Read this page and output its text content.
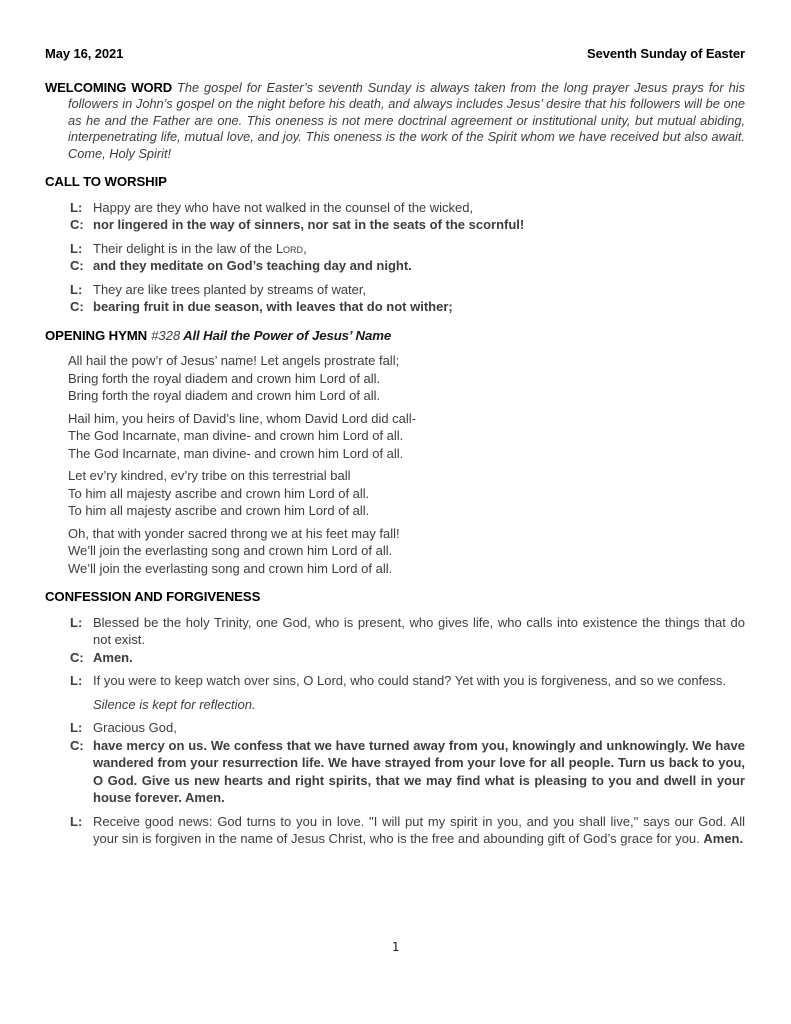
May 16, 2021	Seventh Sunday of Easter

WELCOMING WORD The gospel for Easter’s seventh Sunday is always taken from the long prayer Jesus prays for his followers in John’s gospel on the night before his death, and always includes Jesus’ desire that his followers will be one as he and the Father are one. This oneness is not mere doctrinal agreement or institutional unity, but mutual abiding, interpenetrating life, mutual love, and joy. This oneness is the work of the Spirit whom we have received but also await. Come, Holy Spirit!

CALL TO WORSHIP
L: Happy are they who have not walked in the counsel of the wicked,
C: nor lingered in the way of sinners, nor sat in the seats of the scornful!
L: Their delight is in the law of the Lord,
C: and they meditate on God’s teaching day and night.
L: They are like trees planted by streams of water,
C: bearing fruit in due season, with leaves that do not wither;
OPENING HYMN #328 All Hail the Power of Jesus’ Name
All hail the pow’r of Jesus’ name! Let angels prostrate fall;
Bring forth the royal diadem and crown him Lord of all.
Bring forth the royal diadem and crown him Lord of all.
Hail him, you heirs of David’s line, whom David Lord did call-
The God Incarnate, man divine- and crown him Lord of all.
The God Incarnate, man divine- and crown him Lord of all.
Let ev’ry kindred, ev’ry tribe on this terrestrial ball
To him all majesty ascribe and crown him Lord of all.
To him all majesty ascribe and crown him Lord of all.
Oh, that with yonder sacred throng we at his feet may fall!
We’ll join the everlasting song and crown him Lord of all.
We’ll join the everlasting song and crown him Lord of all.
CONFESSION AND FORGIVENESS
L: Blessed be the holy Trinity, one God, who is present, who gives life, who calls into existence the things that do not exist.
C: Amen.
L: If you were to keep watch over sins, O Lord, who could stand? Yet with you is forgiveness, and so we confess.
Silence is kept for reflection.
L: Gracious God,
C: have mercy on us. We confess that we have turned away from you, knowingly and unknowingly. We have wandered from your resurrection life. We have strayed from your love for all people. Turn us back to you, O God. Give us new hearts and right spirits, that we may find what is pleasing to you and dwell in your house forever. Amen.
L: Receive good news: God turns to you in love. "I will put my spirit in you, and you shall live," says our God. All your sin is forgiven in the name of Jesus Christ, who is the free and abounding gift of God’s grace for you. Amen.
1
